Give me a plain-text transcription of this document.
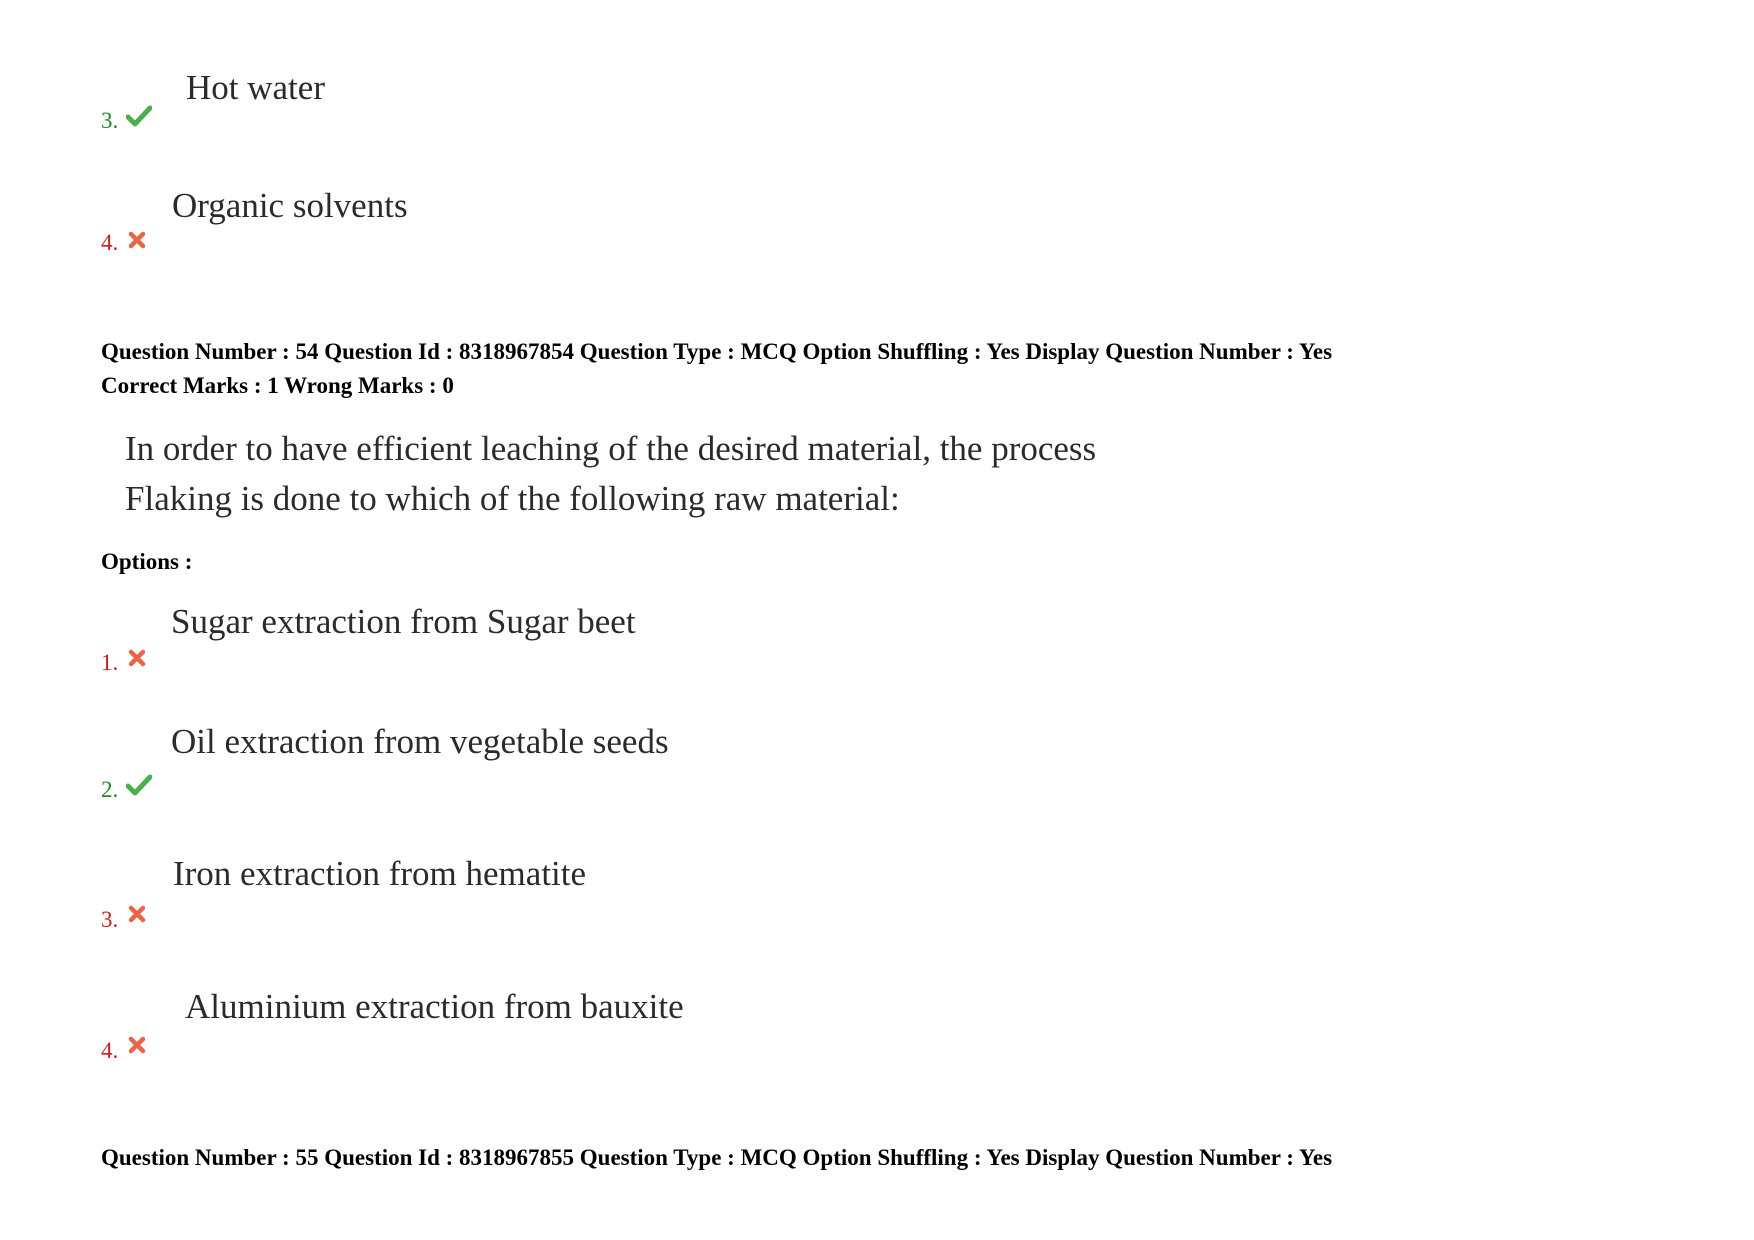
Hot water
3.
Organic solvents
4.
Question Number : 54 Question Id : 8318967854 Question Type : MCQ Option Shuffling : Yes Display Question Number : Yes
Correct Marks : 1 Wrong Marks : 0
In order to have efficient leaching of the desired material, the process
Flaking is done to which of the following raw material:
Options :
Sugar extraction from Sugar beet
1.
Oil extraction from vegetable seeds
2.
Iron extraction from hematite
3.
Aluminium extraction from bauxite
4.
Question Number : 55 Question Id : 8318967855 Question Type : MCQ Option Shuffling : Yes Display Question Number : Yes
